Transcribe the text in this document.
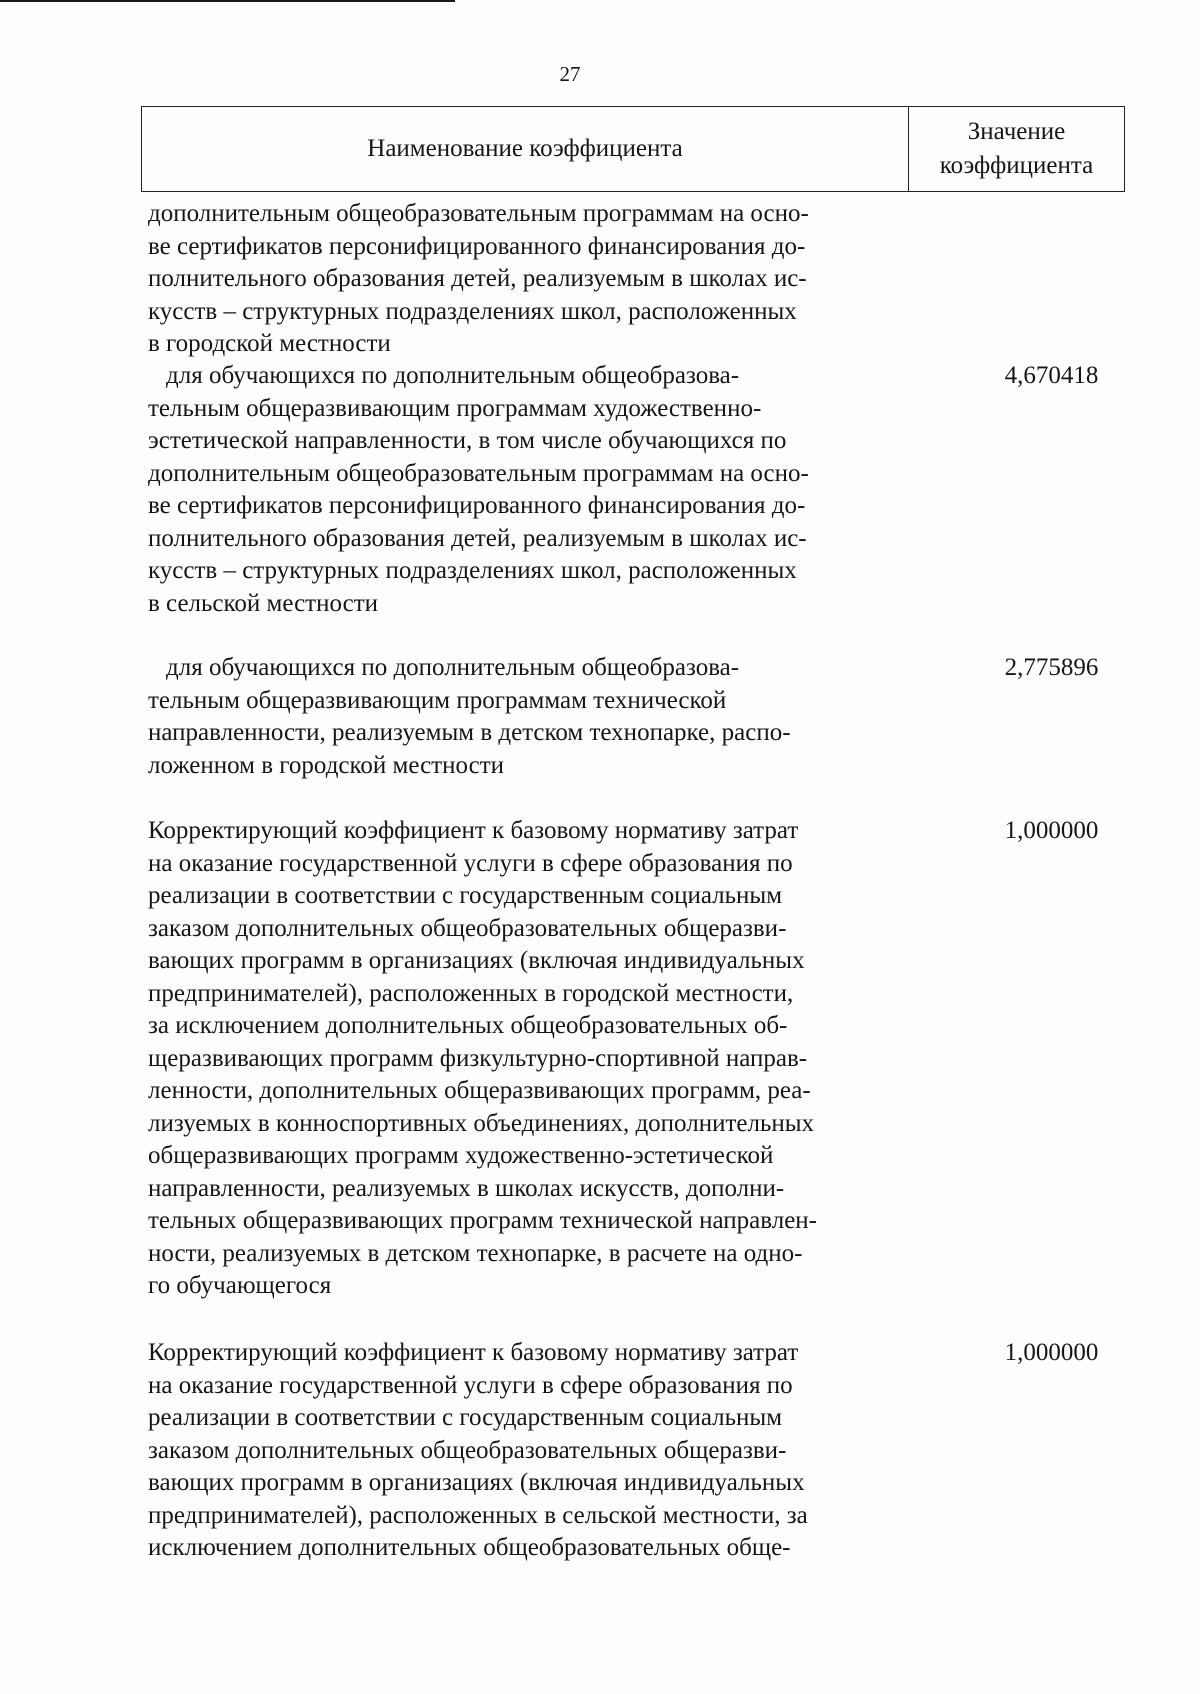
27
Наименование коэффициента
Значение
коэффициента
дополнительным общеобразовательным программам на осно-
ве сертификатов персонифицированного финансирования до-
полнительного образования детей, реализуемым в школах ис-
кусств – структурных подразделениях школ, расположенных
в городской местности
для обучающихся по дополнительным общеобразова-
тельным общеразвивающим программам художественно-
эстетической направленности, в том числе обучающихся по
дополнительным общеобразовательным программам на осно-
ве сертификатов персонифицированного финансирования до-
полнительного образования детей, реализуемым в школах ис-
кусств – структурных подразделениях школ, расположенных
в сельской местности
4,670418
для обучающихся по дополнительным общеобразова-
тельным общеразвивающим программам технической
направленности, реализуемым в детском технопарке, распо-
ложенном в городской местности
2,775896
Корректирующий коэффициент к базовому нормативу затрат
на оказание государственной услуги в сфере образования по
реализации в соответствии с государственным социальным
заказом дополнительных общеобразовательных общеразви-
вающих программ в организациях (включая индивидуальных
предпринимателей), расположенных в городской местности,
за исключением дополнительных общеобразовательных об-
щеразвивающих программ физкультурно-спортивной направ-
ленности, дополнительных общеразвивающих программ, реа-
лизуемых в конноспортивных объединениях, дополнительных
общеразвивающих программ художественно-эстетической
направленности, реализуемых в школах искусств, дополни-
тельных общеразвивающих программ технической направлен-
ности, реализуемых в детском технопарке, в расчете на одно-
го обучающегося
1,000000
Корректирующий коэффициент к базовому нормативу затрат
на оказание государственной услуги в сфере образования по
реализации в соответствии с государственным социальным
заказом дополнительных общеобразовательных общеразви-
вающих программ в организациях (включая индивидуальных
предпринимателей), расположенных в сельской местности, за
исключением дополнительных общеобразовательных обще-
1,000000
